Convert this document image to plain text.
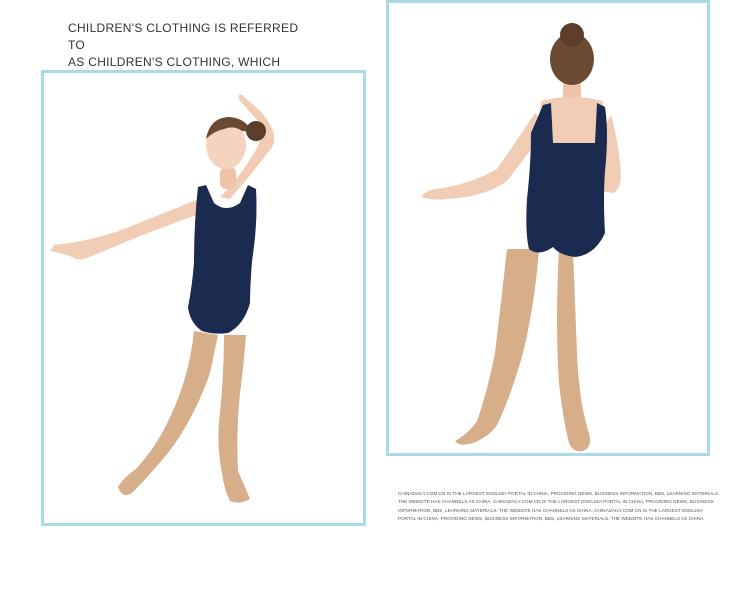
CHILDREN'S CLOTHING IS REFERRED TO
AS CHILDREN'S CLOTHING, WHICH
CHINADAILY.COM.CN IS THE LARGEST ENGLISH PORTAL IN CHINA, PROVIDING NEWS, BUSINESS INFORMATION, BBS, LEARNING MATERIALS.
THE WEBSITE HAS CHANNELS AS CHINA. CHINADAILY.COM.CN IS THE LARGEST ENGLISH PORTAL IN CHINA, PROVIDING NEWS, BUSINESS
INFORMATION, BBS, LEARNING MATERIALS. THE WEBSITE HAS CHANNELS AS CHINA. CHINADAILY.COM.CN IS THE LARGEST ENGLISH
PORTAL IN CHINA, PROVIDING NEWS, BUSINESS INFORMATION, BBS, LEARNING MATERIALS. THE WEBSITE HAS CHANNELS AS CHINA.
